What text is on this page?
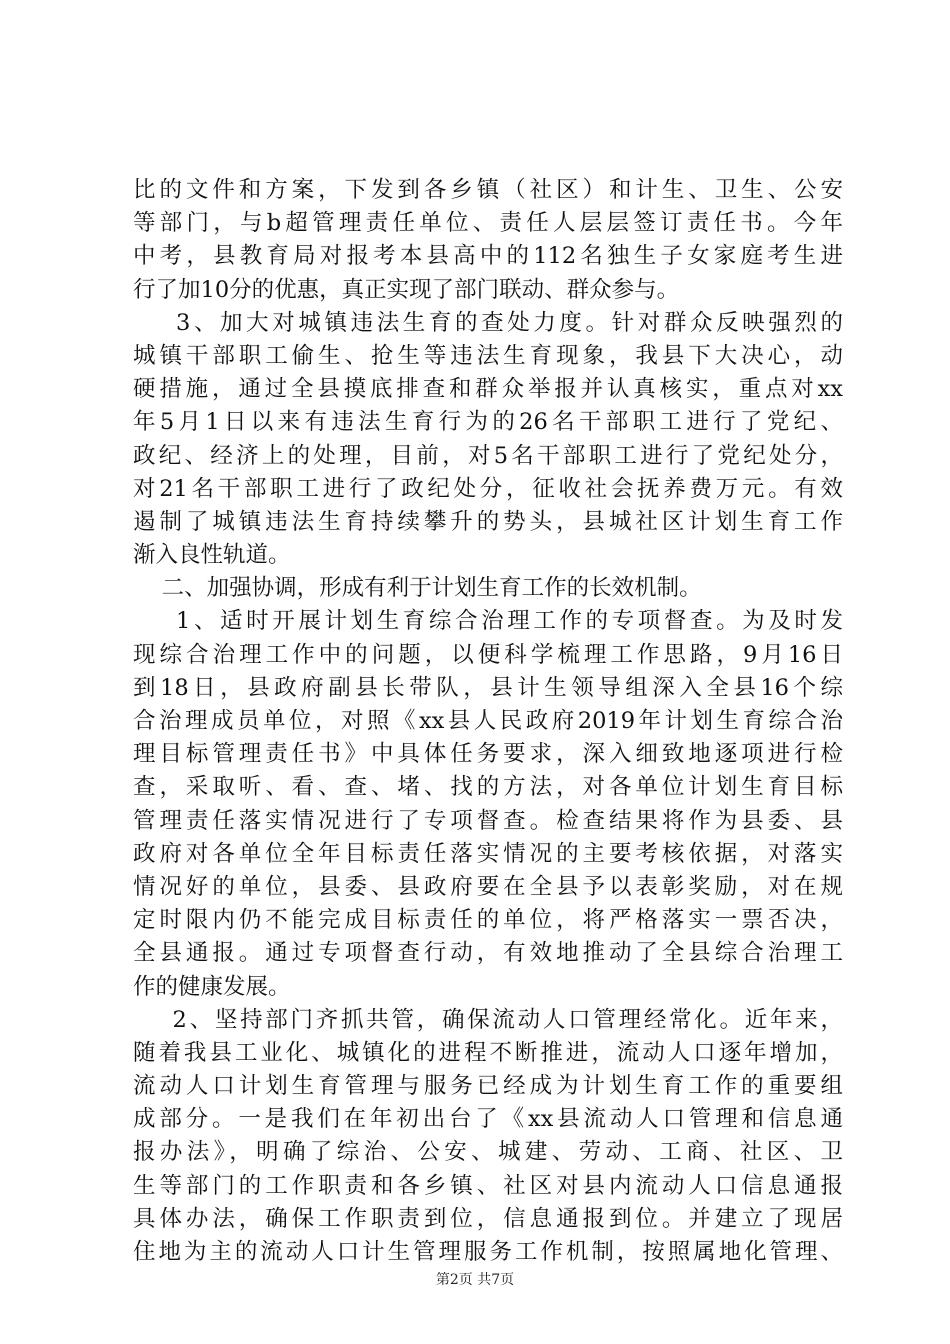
比的文件和方案，下发到各乡镇（社区）和计生、卫生、公安
等部门，与b超管理责任单位、责任人层层签订责任书。今年
中考，县教育局对报考本县高中的112名独生子女家庭考生进
行了加10分的优惠，真正实现了部门联动、群众参与。
3、加大对城镇违法生育的查处力度。针对群众反映强烈的
城镇干部职工偷生、抢生等违法生育现象，我县下大决心，动
硬措施，通过全县摸底排查和群众举报并认真核实，重点对xx
年5月1日以来有违法生育行为的26名干部职工进行了党纪、
政纪、经济上的处理，目前，对5名干部职工进行了党纪处分，
对21名干部职工进行了政纪处分，征收社会抚养费万元。有效
遏制了城镇违法生育持续攀升的势头，县城社区计划生育工作
渐入良性轨道。
二、加强协调，形成有利于计划生育工作的长效机制。
1、适时开展计划生育综合治理工作的专项督查。为及时发
现综合治理工作中的问题，以便科学梳理工作思路，9月16日
到18日，县政府副县长带队，县计生领导组深入全县16个综
合治理成员单位，对照《xx县人民政府2019年计划生育综合治
理目标管理责任书》中具体任务要求，深入细致地逐项进行检
查，采取听、看、查、堵、找的方法，对各单位计划生育目标
管理责任落实情况进行了专项督查。检查结果将作为县委、县
政府对各单位全年目标责任落实情况的主要考核依据，对落实
情况好的单位，县委、县政府要在全县予以表彰奖励，对在规
定时限内仍不能完成目标责任的单位，将严格落实一票否决，
全县通报。通过专项督查行动，有效地推动了全县综合治理工
作的健康发展。
2、坚持部门齐抓共管，确保流动人口管理经常化。近年来，
随着我县工业化、城镇化的进程不断推进，流动人口逐年增加，
流动人口计划生育管理与服务已经成为计划生育工作的重要组
成部分。一是我们在年初出台了《xx县流动人口管理和信息通
报办法》，明确了综治、公安、城建、劳动、工商、社区、卫
生等部门的工作职责和各乡镇、社区对县内流动人口信息通报
具体办法，确保工作职责到位，信息通报到位。并建立了现居
住地为主的流动人口计生管理服务工作机制，按照属地化管理、
第2页 共7页
